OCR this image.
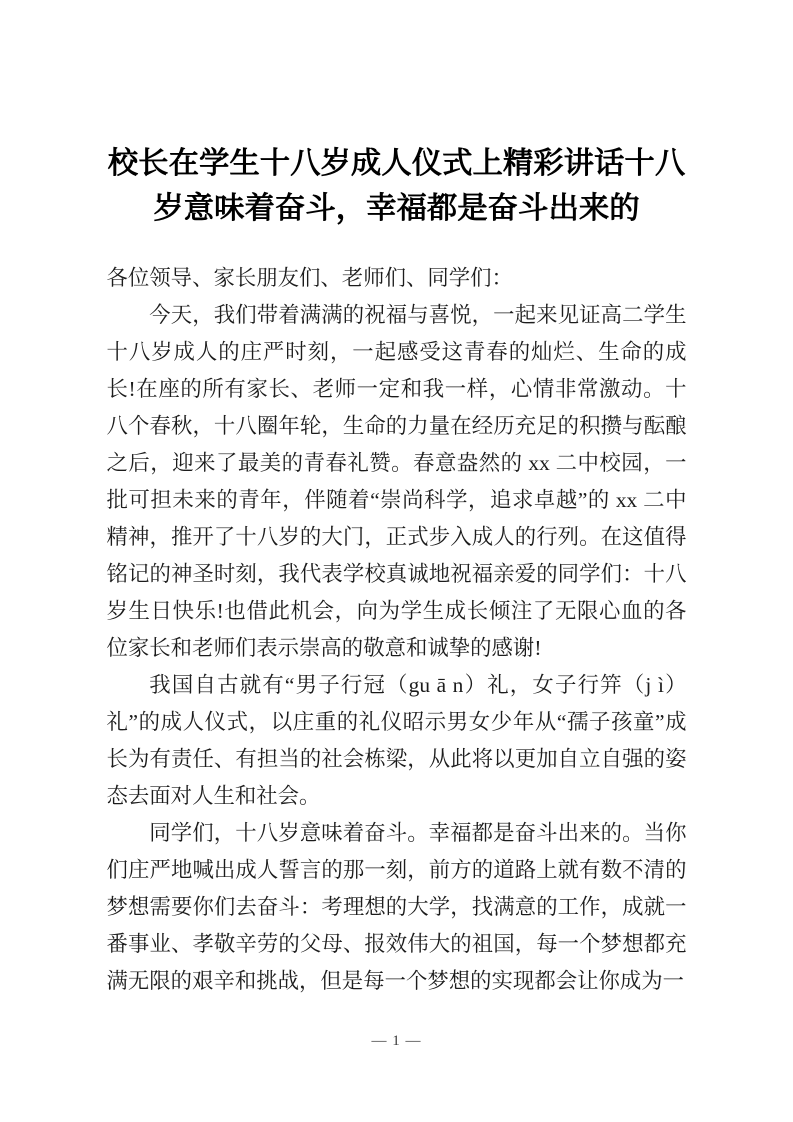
校长在学生十八岁成人仪式上精彩讲话十八岁意味着奋斗，幸福都是奋斗出来的

各位领导、家长朋友们、老师们、同学们：

今天，我们带着满满的祝福与喜悦，一起来见证高二学生十八岁成人的庄严时刻，一起感受这青春的灿烂、生命的成长!在座的所有家长、老师一定和我一样，心情非常激动。十八个春秋，十八圈年轮，生命的力量在经历充足的积攒与酝酿之后，迎来了最美的青春礼赞。春意盎然的 xx 二中校园，一批可担未来的青年，伴随着“崇尚科学，追求卓越”的 xx 二中精神，推开了十八岁的大门，正式步入成人的行列。在这值得铭记的神圣时刻，我代表学校真诚地祝福亲爱的同学们：十八岁生日快乐!也借此机会，向为学生成长倾注了无限心血的各位家长和老师们表示崇高的敬意和诚挚的感谢!

我国自古就有“男子行冠（gu ā n）礼，女子行笄（j ì）礼”的成人仪式，以庄重的礼仪昭示男女少年从“孺子孩童”成长为有责任、有担当的社会栋梁，从此将以更加自立自强的姿态去面对人生和社会。

同学们，十八岁意味着奋斗。幸福都是奋斗出来的。当你们庄严地喊出成人誓言的那一刻，前方的道路上就有数不清的梦想需要你们去奋斗：考理想的大学，找满意的工作，成就一番事业、孝敬辛劳的父母、报效伟大的祖国，每一个梦想都充满无限的艰辛和挑战，但是每一个梦想的实现都会让你成为一

— 1 —
